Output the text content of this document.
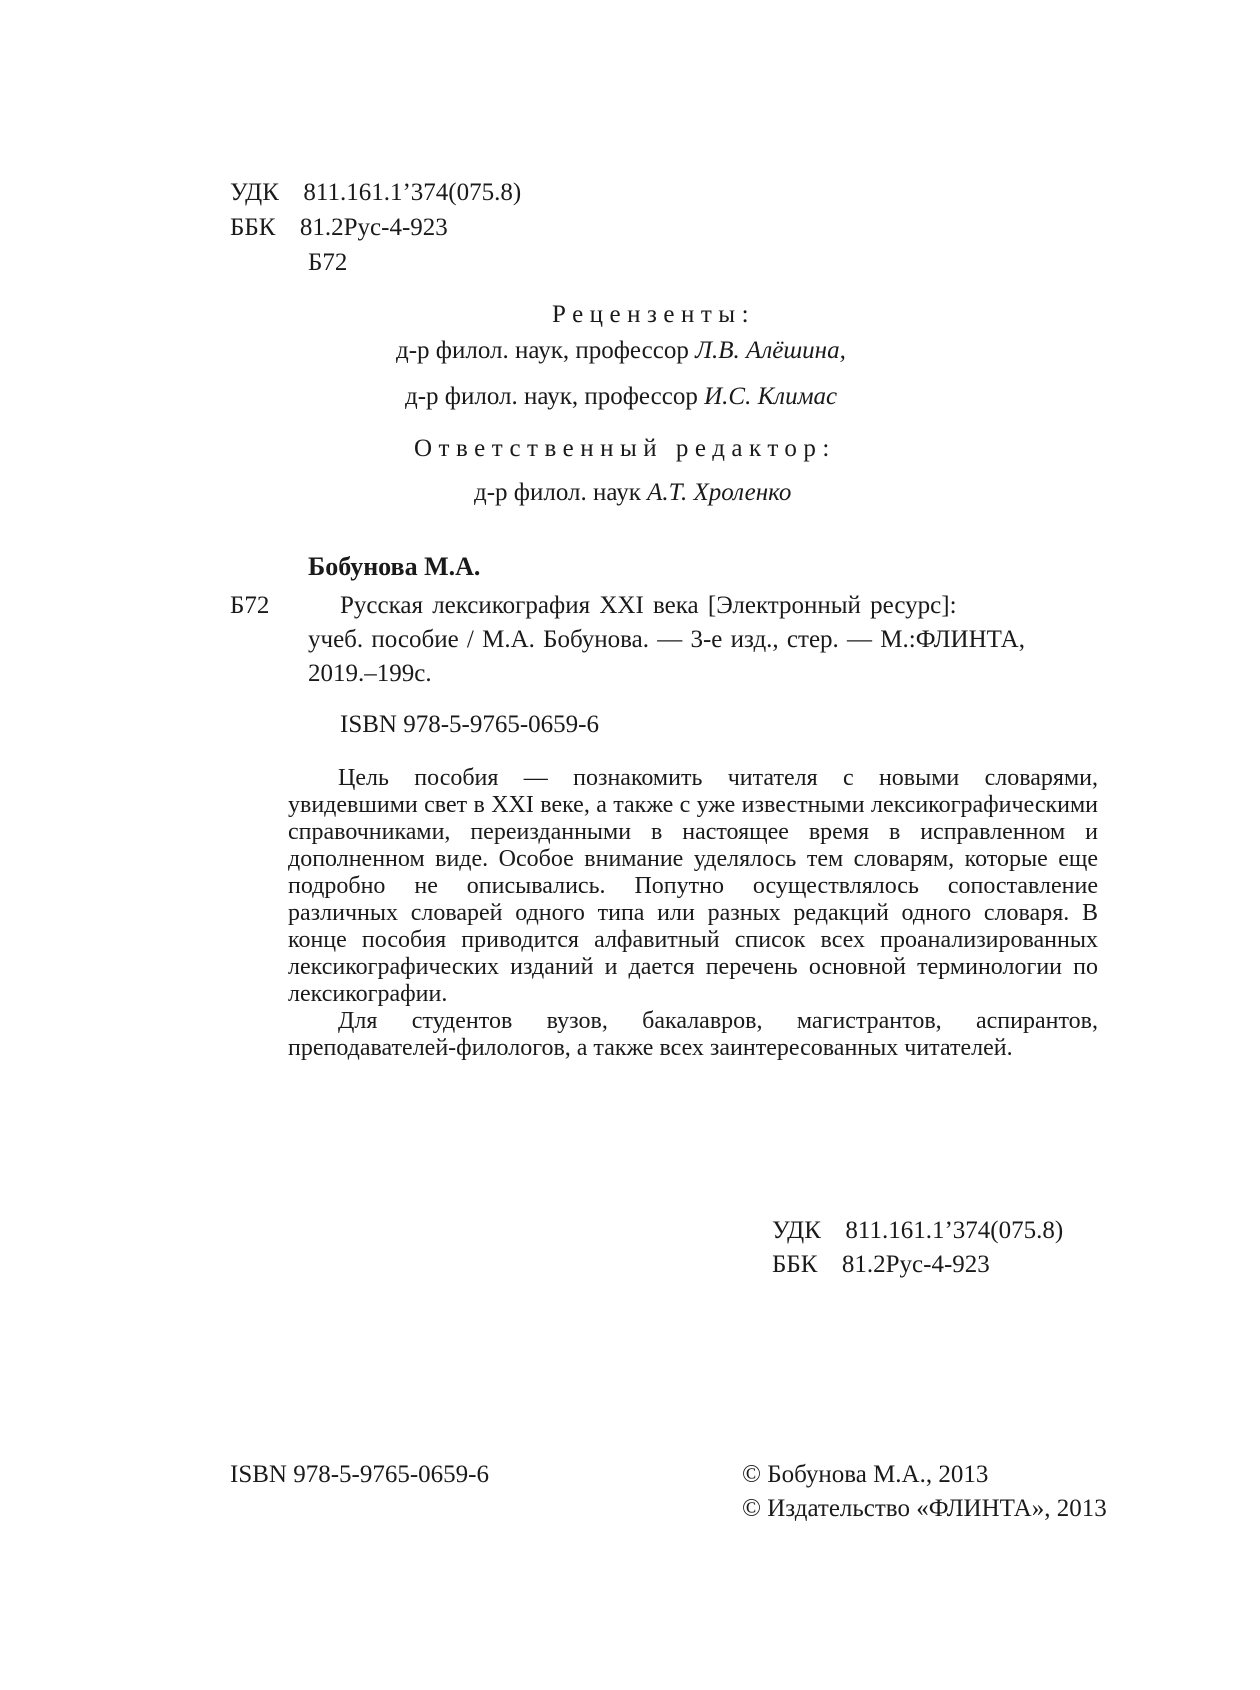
УДК 811.161.1’374(075.8)
ББК 81.2Рус-4-923
Б72
Рецензенты:
д-р филол. наук, профессор Л.В. Алёшина,
д-р филол. наук, профессор И.С. Климас
Ответственный редактор:
д-р филол. наук А.Т. Хроленко
Бобунова М.А.
Б72	Русская лексикография XXI века [Электронный ресурс]:
учеб. пособие / М.А. Бобунова. — 3-е изд., стер. — М.:ФЛИНТА,
2019.–199с.
ISBN 978-5-9765-0659-6

Цель пособия — познакомить читателя с новыми словарями, увидевшими свет в XXI веке, а также с уже известными лексикографическими справочниками, переизданными в настоящее время в исправленном и дополненном виде. Особое внимание уделялось тем словарям, которые еще подробно не описывались. Попутно осуществлялось сопоставление различных словарей одного типа или разных редакций одного словаря. В конце пособия приводится алфавитный список всех проанализированных лексикографических изданий и дается перечень основной терминологии по лексикографии.

Для студентов вузов, бакалавров, магистрантов, аспирантов, преподавателей-филологов, а также всех заинтересованных читателей.

УДК 811.161.1’374(075.8)
ББК 81.2Рус-4-923
ISBN 978-5-9765-0659-6	© Бобунова М.А., 2013
© Издательство «ФЛИНТА», 2013
